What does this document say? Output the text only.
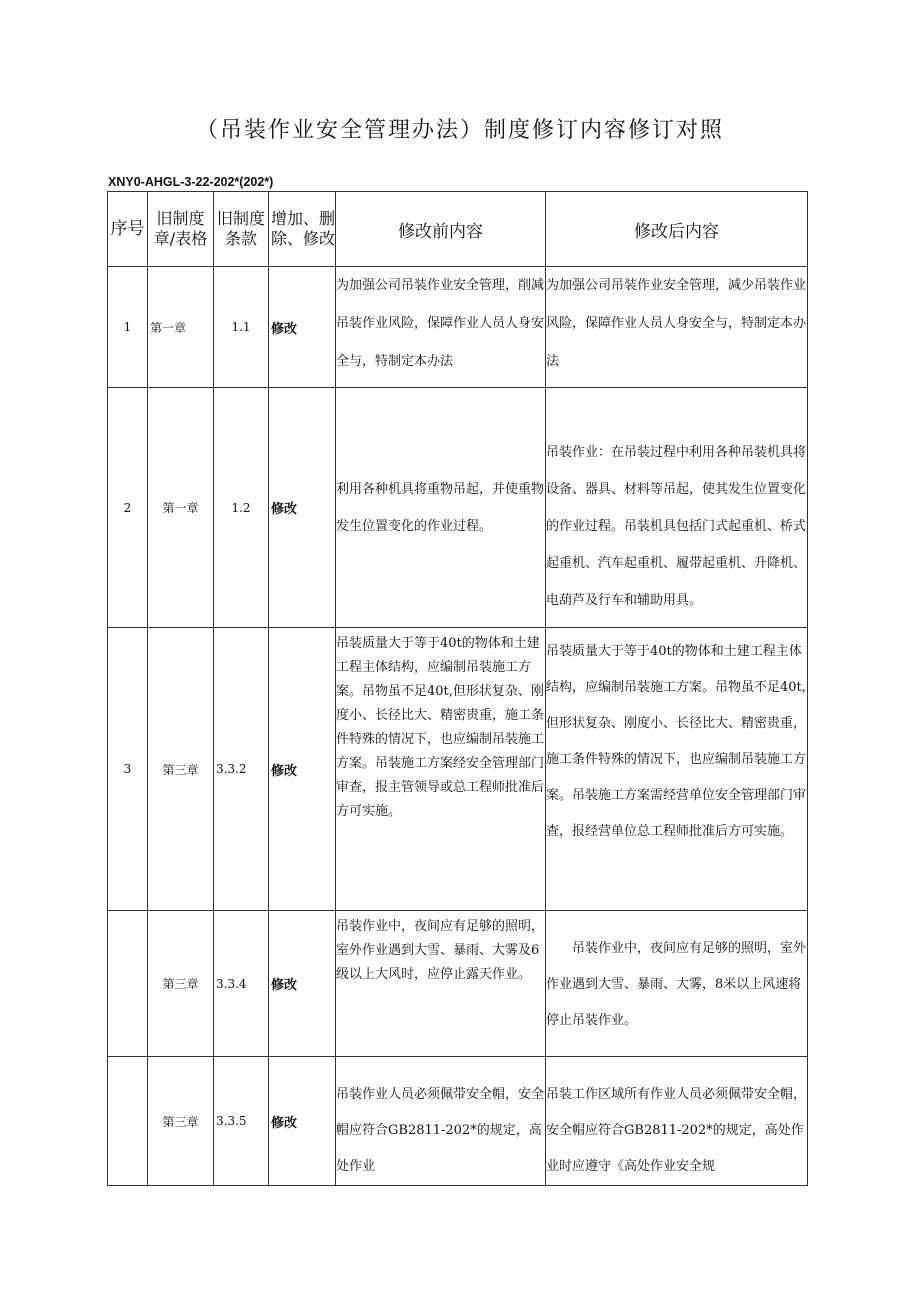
（吊装作业安全管理办法）制度修订内容修订对照
XNY0-AHGL-3-22-202*(202*)
序号	旧制度章/表格	旧制度条款	增加、删除、修改	修改前内容	修改后内容
1	第一章	1.1	修改	为加强公司吊装作业安全管理，削减吊装作业风险，保障作业人员人身安全与，特制定本办法	为加强公司吊装作业安全管理，减少吊装作业风险，保障作业人员人身安全与，特制定本办法
2	第一章	1.2	修改	利用各种机具将重物吊起，并使重物发生位置变化的作业过程。	吊装作业：在吊装过程中利用各种吊装机具将设备、器具、材料等吊起，使其发生位置变化的作业过程。吊装机具包括门式起重机、桥式起重机、汽车起重机、履带起重机、升降机、电葫芦及行车和辅助用具。
3	第三章	3.3.2	修改	吊装质量大于等于40t的物体和土建工程主体结构，应编制吊装施工方案。吊物虽不足40t,但形状复杂、刚度小、长径比大、精密贵重，施工条件特殊的情况下，也应编制吊装施工方案。吊装施工方案经安全管理部门审查，报主管领导或总工程师批准后方可实施。	吊装质量大于等于40t的物体和土建工程主体结构，应编制吊装施工方案。吊物虽不足40t,但形状复杂、刚度小、长径比大、精密贵重，施工条件特殊的情况下，也应编制吊装施工方案。吊装施工方案需经营单位安全管理部门审查，报经营单位总工程师批准后方可实施。
	第三章	3.3.4	修改	吊装作业中，夜间应有足够的照明，室外作业遇到大雪、暴雨、大雾及6级以上大风时，应停止露天作业。	吊装作业中，夜间应有足够的照明，室外作业遇到大雪、暴雨、大雾，8米以上风速将停止吊装作业。
	第三章	3.3.5	修改	吊装作业人员必须佩带安全帽，安全帽应符合GB2811-202*的规定，高处作业	吊装工作区域所有作业人员必须佩带安全帽，安全帽应符合GB2811-202*的规定，高处作业时应遵守《高处作业安全规
